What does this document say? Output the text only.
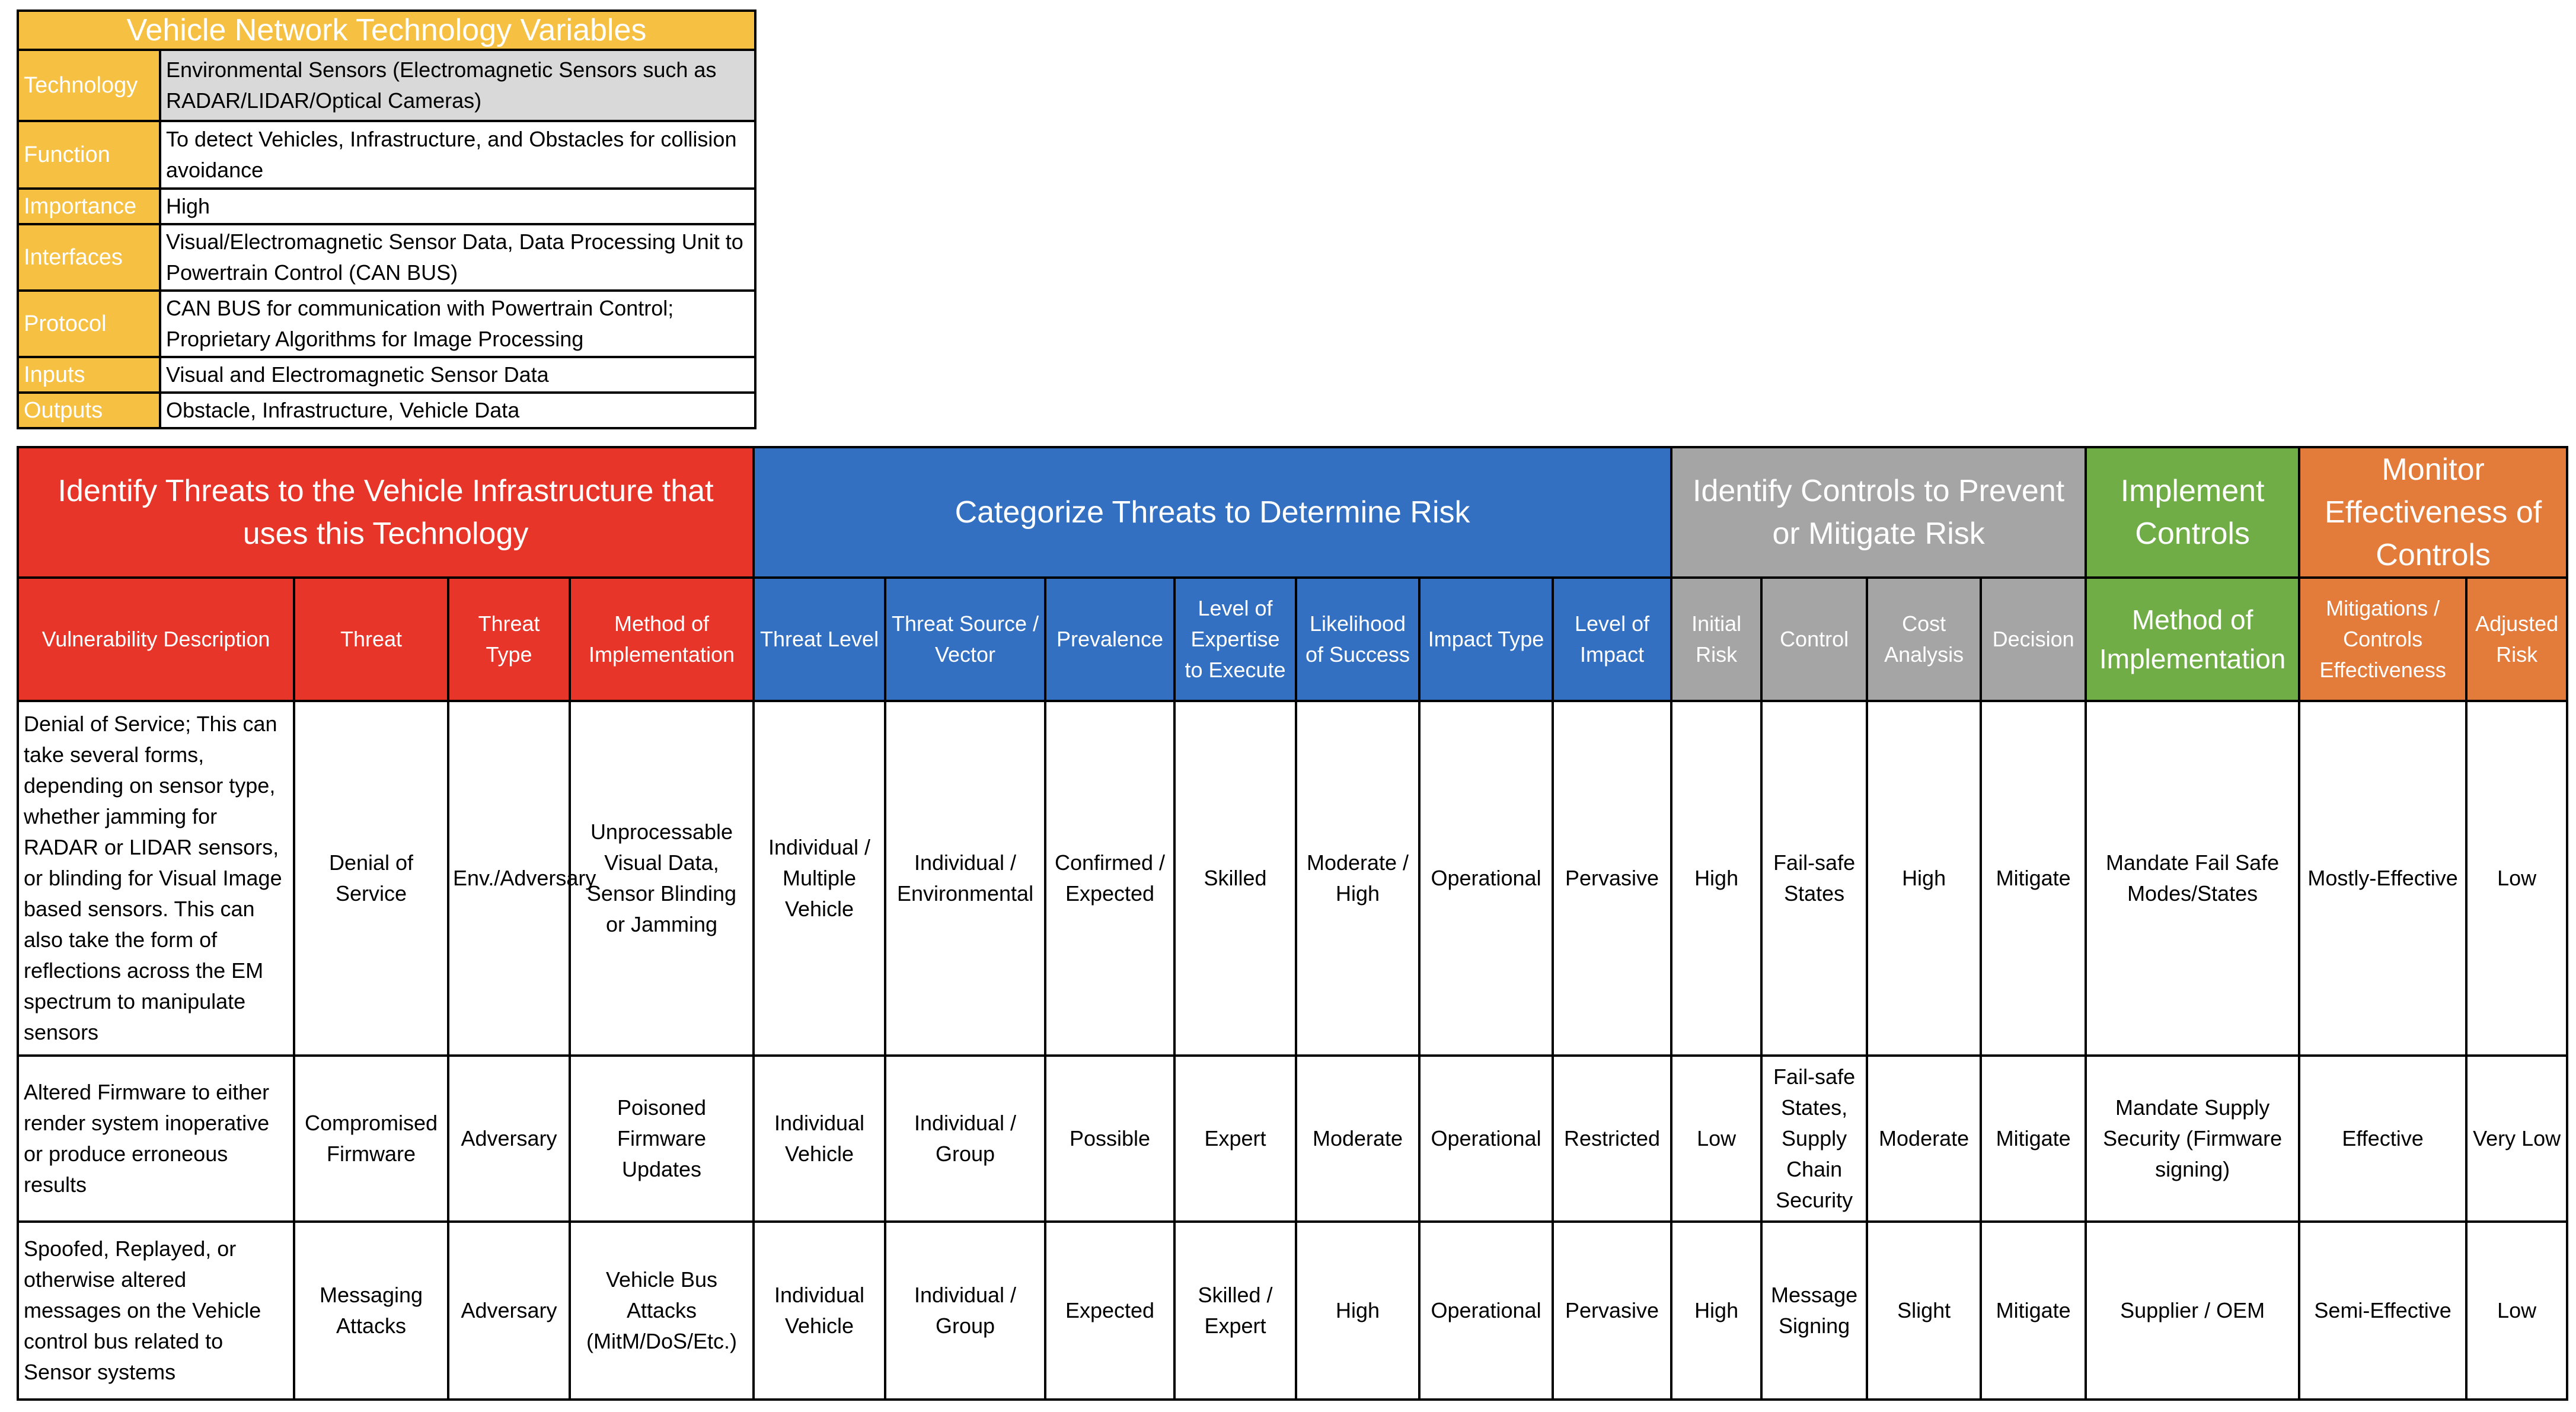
Vehicle Network Technology Variables	
Technology	Environmental Sensors (Electromagnetic Sensors such as RADAR/LIDAR/Optical Cameras)
Function	To detect Vehicles, Infrastructure, and Obstacles for collision avoidance
Importance	High
Interfaces	Visual/Electromagnetic Sensor Data, Data Processing Unit to Powertrain Control (CAN BUS)
Protocol	CAN BUS for communication with Powertrain Control; Proprietary Algorithms for Image Processing
Inputs	Visual and Electromagnetic Sensor Data
Outputs	Obstacle, Infrastructure, Vehicle Data
Identify Threats to the Vehicle Infrastructure that uses this Technology				Categorize Threats to Determine Risk							Identify Controls to Prevent or Mitigate Risk				Implement Controls	Monitor Effectiveness of Controls	
Vulnerability Description	Threat	Threat Type	Method of Implementation	Threat Level	Threat Source / Vector	Prevalence	Level of Expertise to Execute	Likelihood of Success	Impact Type	Level of Impact	Initial Risk	Control	Cost Analysis	Decision	Method of Implementation	Mitigations / Controls Effectiveness	Adjusted Risk
Denial of Service; This can take several forms, depending on sensor type, whether jamming for RADAR or LIDAR sensors, or blinding for Visual Image based sensors. This can also take the form of reflections across the EM spectrum to manipulate sensors	Denial of Service	Env./Adversary	Unprocessable Visual Data, Sensor Blinding or Jamming	Individual / Multiple Vehicle	Individual / Environmental	Confirmed / Expected	Skilled	Moderate / High	Operational	Pervasive	High	Fail-safe States	High	Mitigate	Mandate Fail Safe Modes/States	Mostly-Effective	Low
Altered Firmware to either render system inoperative or produce erroneous results	Compromised Firmware	Adversary	Poisoned Firmware Updates	Individual Vehicle	Individual / Group	Possible	Expert	Moderate	Operational	Restricted	Low	Fail-safe States, Supply Chain Security	Moderate	Mitigate	Mandate Supply Security (Firmware signing)	Effective	Very Low
Spoofed, Replayed, or otherwise altered messages on the Vehicle control bus related to Sensor systems	Messaging Attacks	Adversary	Vehicle Bus Attacks (MitM/DoS/Etc.)	Individual Vehicle	Individual / Group	Expected	Skilled / Expert	High	Operational	Pervasive	High	Message Signing	Slight	Mitigate	Supplier / OEM	Semi-Effective	Low
